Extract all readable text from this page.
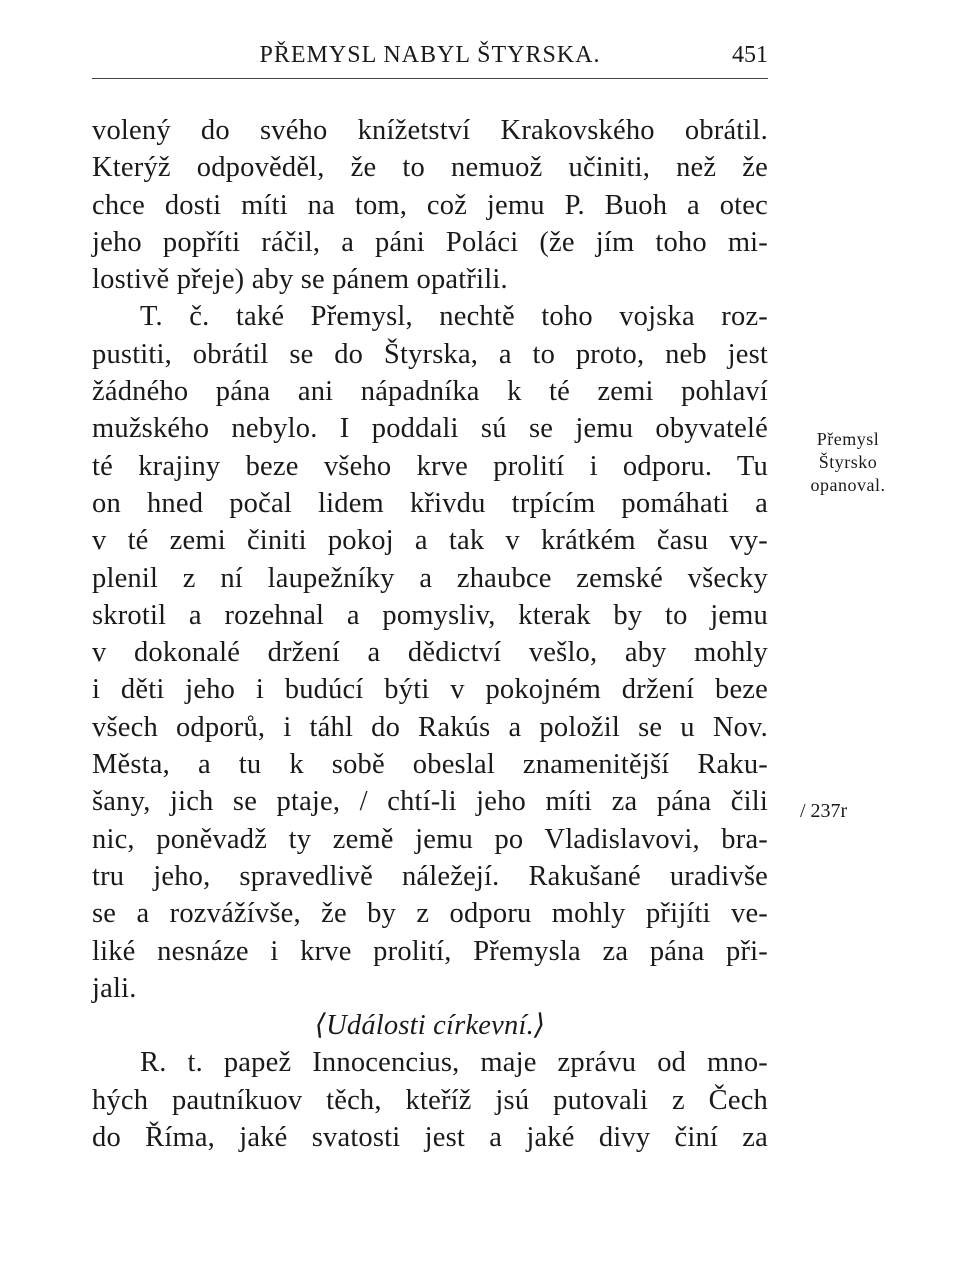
PŘEMYSL NABYL ŠTYRSKA.	451
volený do svého knížetství Krakovského obrátil.
Kterýž odpověděl, že to nemuož učiniti, než že
chce dosti míti na tom, což jemu P. Buoh a otec
jeho popříti ráčil, a páni Poláci (že jím toho mi-
lostivě přeje) aby se pánem opatřili.
T. č. také Přemysl, nechtě toho vojska roz-
pustiti, obrátil se do Štyrska, a to proto, neb jest
žádného pána ani nápadníka k té zemi pohlaví
mužského nebylo. I poddali sú se jemu obyvatelé
té krajiny beze všeho krve prolití i odporu. Tu
on hned počal lidem křivdu trpícím pomáhati a
v té zemi činiti pokoj a tak v krátkém času vy-
plenil z ní laupežníky a zhaubce zemské všecky
skrotil a rozehnal a pomysliv, kterak by to jemu
v dokonalé držení a dědictví vešlo, aby mohly
i děti jeho i budúcí býti v pokojném držení beze
všech odporů, i táhl do Rakús a položil se u Nov.
Města, a tu k sobě obeslal znamenitější Raku-
šany, jich se ptaje, / chtí-li jeho míti za pána čili
nic, poněvadž ty země jemu po Vladislavovi, bra-
tru jeho, spravedlivě náležejí. Rakušané uradivše
se a rozvážívše, že by z odporu mohly přijíti ve-
liké nesnáze i krve prolití, Přemysla za pána při-
jali.
⟨Události církevní.⟩
R. t. papež Innocencius, maje zprávu od mno-
hých pautníkuov těch, kteříž jsú putovali z Čech
do Říma, jaké svatosti jest a jaké divy činí za
Přemysl
Štyrsko
opanoval.
/ 237r
